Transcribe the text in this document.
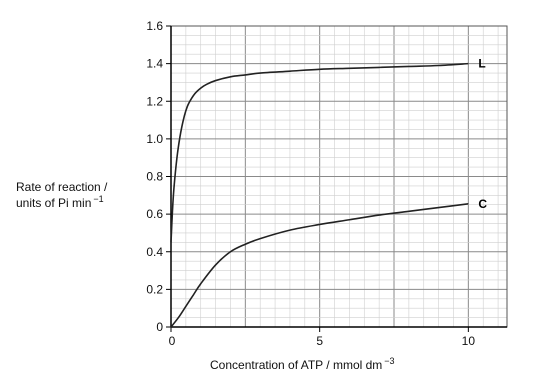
0
0.2
0.4
0.6
0.8
1.0
1.2
1.4
1.6
0	5	10
L
C
Rate of reaction /
units of Pi min $^{-1}$
Concentration of ATP / mmol dm $^{-3}$
